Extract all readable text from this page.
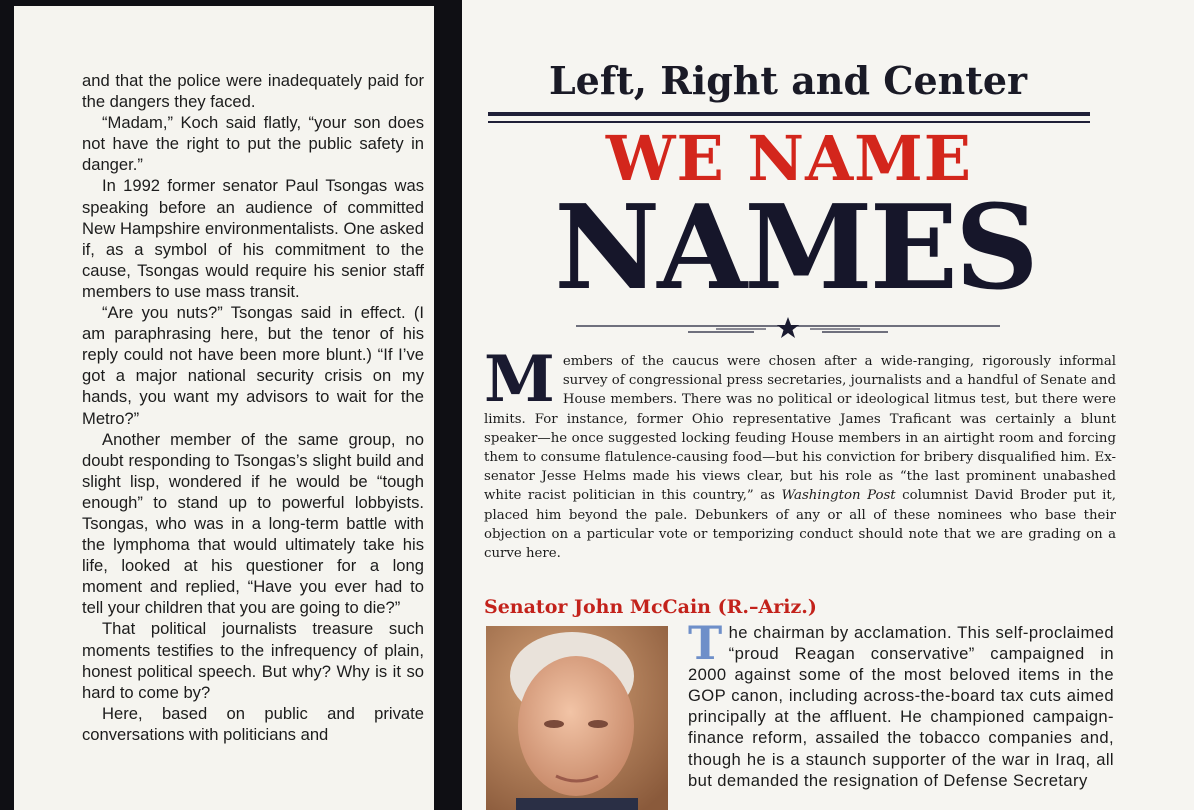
and that the police were inadequately paid for the dangers they faced.

“Madam,” Koch said flatly, “your son does not have the right to put the public safety in danger.”

In 1992 former senator Paul Tsongas was speaking before an audience of committed New Hampshire environmentalists. One asked if, as a symbol of his commitment to the cause, Tsongas would require his senior staff members to use mass transit.

“Are you nuts?” Tsongas said in effect. (I am paraphrasing here, but the tenor of his reply could not have been more blunt.) “If I’ve got a major national security crisis on my hands, you want my advisors to wait for the Metro?”

Another member of the same group, no doubt responding to Tsongas’s slight build and slight lisp, wondered if he would be “tough enough” to stand up to powerful lobbyists. Tsongas, who was in a long-term battle with the lymphoma that would ultimately take his life, looked at his questioner for a long moment and replied, “Have you ever had to tell your children that you are going to die?”

That political journalists treasure such moments testifies to the infrequency of plain, honest political speech. But why? Why is it so hard to come by?

Here, based on public and private conversations with politicians and

Left, Right and Center
WE NAME
NAMES
Members of the caucus were chosen after a wide-ranging, rigorously informal survey of congressional press secretaries, journalists and a handful of Senate and House members. There was no political or ideological litmus test, but there were limits. For instance, former Ohio representative James Traficant was certainly a blunt speaker—he once suggested locking feuding House members in an airtight room and forcing them to consume flatulence-causing food—but his conviction for bribery disqualified him. Ex-senator Jesse Helms made his views clear, but his role as “the last prominent unabashed white racist politician in this country,” as Washington Post columnist David Broder put it, placed him beyond the pale. Debunkers of any or all of these nominees who base their objection on a particular vote or temporizing conduct should note that we are grading on a curve here.
Senator John McCain (R.–Ariz.)
The chairman by acclamation. This self-proclaimed “proud Reagan conservative” campaigned in 2000 against some of the most beloved items in the GOP canon, including across-the-board tax cuts aimed principally at the affluent. He championed campaign-finance reform, assailed the tobacco companies and, though he is a staunch supporter of the war in Iraq, all but demanded the resignation of Defense Secretary
